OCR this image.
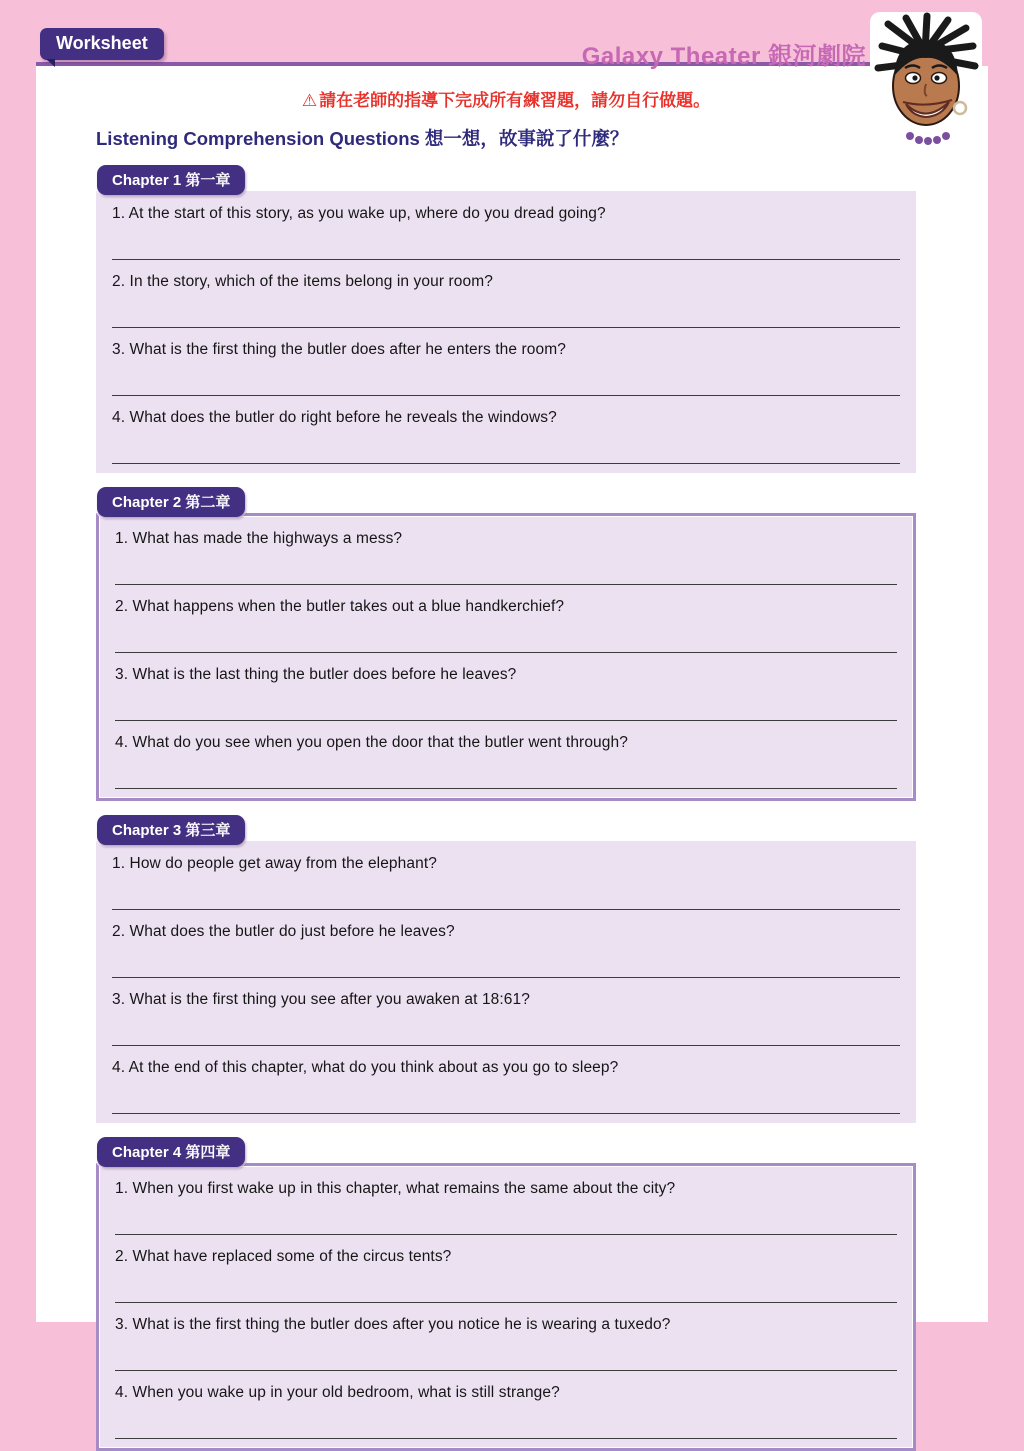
Worksheet	Galaxy Theater 銀河劇院
⚠ 請在老師的指導下完成所有練習題，請勿自行做題。
Listening Comprehension Questions 想一想，故事說了什麼？
Chapter 1 第一章
1. At the start of this story, as you wake up, where do you dread going?
2. In the story, which of the items belong in your room?
3. What is the first thing the butler does after he enters the room?
4. What does the butler do right before he reveals the windows?
Chapter 2 第二章
1. What has made the highways a mess?
2. What happens when the butler takes out a blue handkerchief?
3. What is the last thing the butler does before he leaves?
4. What do you see when you open the door that the butler went through?
Chapter 3 第三章
1. How do people get away from the elephant?
2. What does the butler do just before he leaves?
3. What is the first thing you see after you awaken at 18:61?
4. At the end of this chapter, what do you think about as you go to sleep?
Chapter 4 第四章
1. When you first wake up in this chapter, what remains the same about the city?
2. What have replaced some of the circus tents?
3. What is the first thing the butler does after you notice he is wearing a tuxedo?
4. When you wake up in your old bedroom, what is still strange?
